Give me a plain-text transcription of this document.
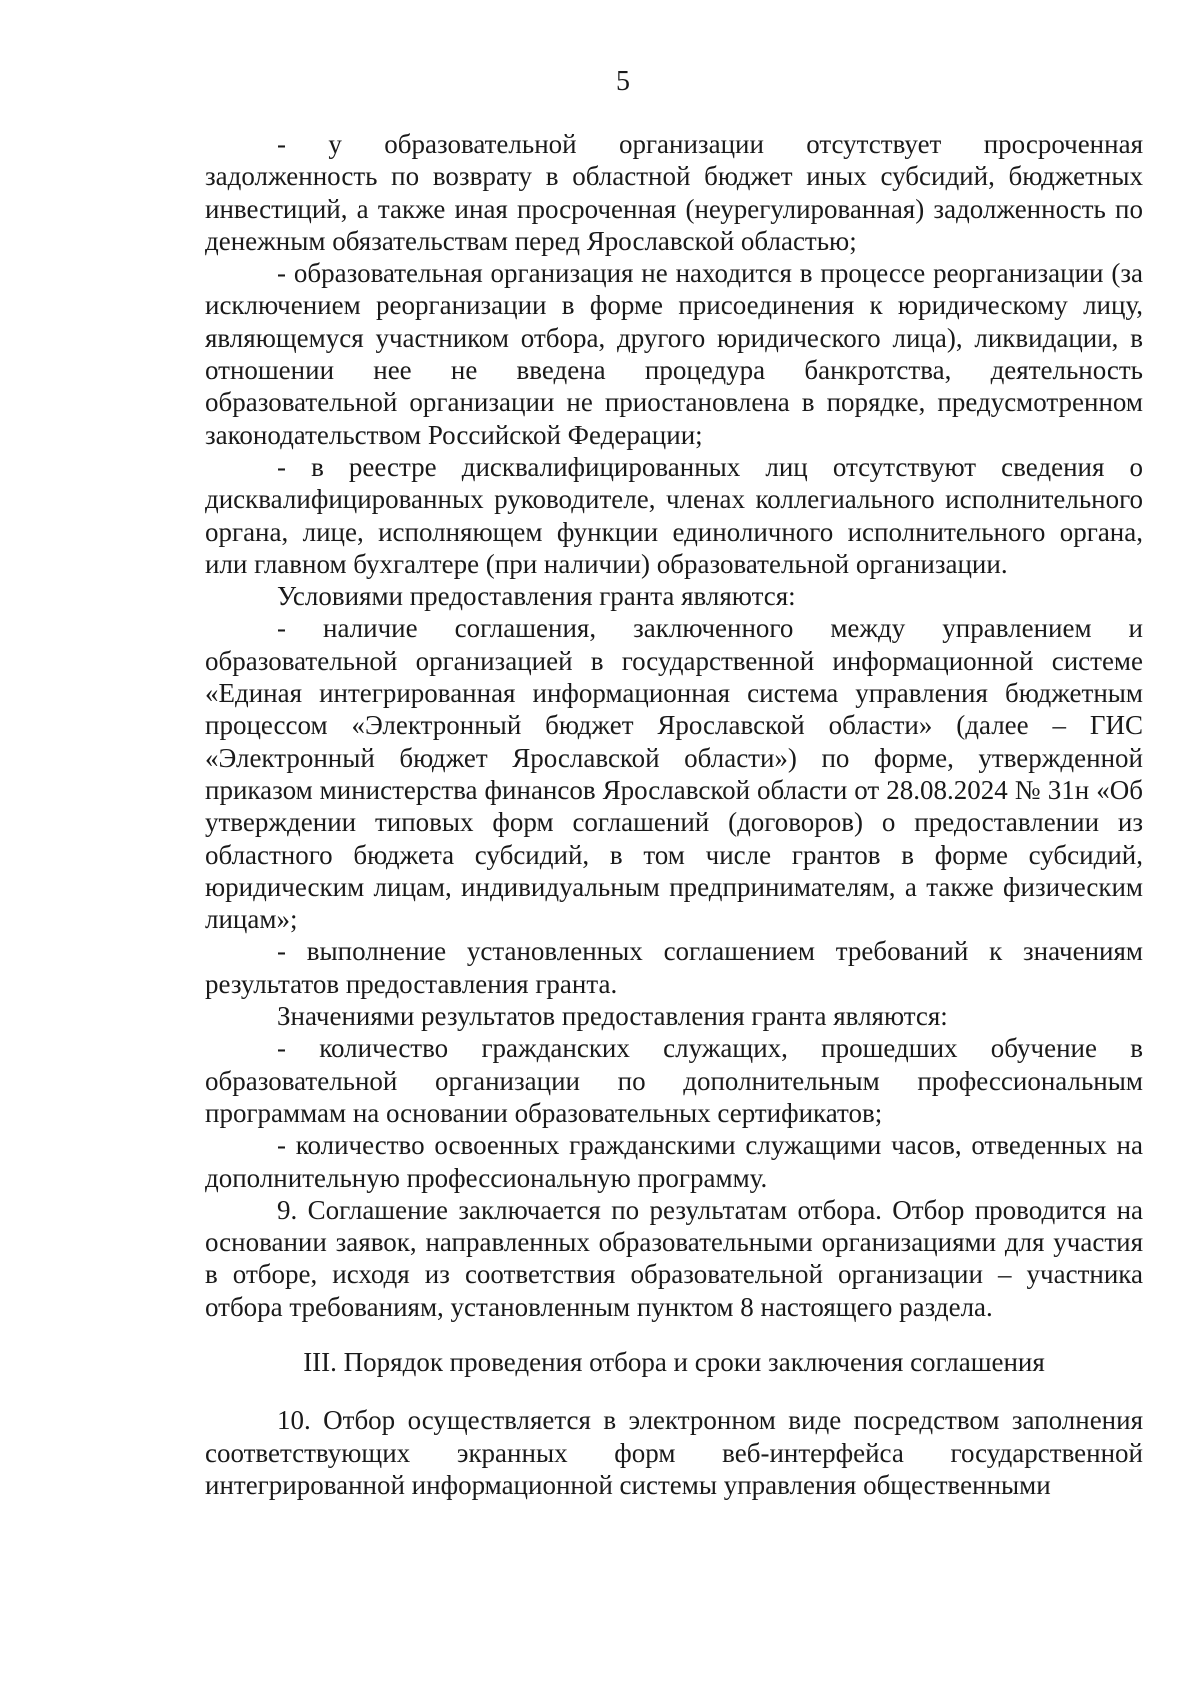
5

- у образовательной организации отсутствует просроченная задолженность по возврату в областной бюджет иных субсидий, бюджетных инвестиций, а также иная просроченная (неурегулированная) задолженность по денежным обязательствам перед Ярославской областью;

- образовательная организация не находится в процессе реорганизации (за исключением реорганизации в форме присоединения к юридическому лицу, являющемуся участником отбора, другого юридического лица), ликвидации, в отношении нее не введена процедура банкротства, деятельность образовательной организации не приостановлена в порядке, предусмотренном законодательством Российской Федерации;

- в реестре дисквалифицированных лиц отсутствуют сведения о дисквалифицированных руководителе, членах коллегиального исполнительного органа, лице, исполняющем функции единоличного исполнительного органа, или главном бухгалтере (при наличии) образовательной организации.

Условиями предоставления гранта являются:

- наличие соглашения, заключенного между управлением и образовательной организацией в государственной информационной системе «Единая интегрированная информационная система управления бюджетным процессом «Электронный бюджет Ярославской области» (далее – ГИС «Электронный бюджет Ярославской области») по форме, утвержденной приказом министерства финансов Ярославской области от 28.08.2024 № 31н «Об утверждении типовых форм соглашений (договоров) о предоставлении из областного бюджета субсидий, в том числе грантов в форме субсидий, юридическим лицам, индивидуальным предпринимателям, а также физическим лицам»;

- выполнение установленных соглашением требований к значениям результатов предоставления гранта.

Значениями результатов предоставления гранта являются:

- количество гражданских служащих, прошедших обучение в образовательной организации по дополнительным профессиональным программам на основании образовательных сертификатов;

- количество освоенных гражданскими служащими часов, отведенных на дополнительную профессиональную программу.

9. Соглашение заключается по результатам отбора. Отбор проводится на основании заявок, направленных образовательными организациями для участия в отборе, исходя из соответствия образовательной организации – участника отбора требованиям, установленным пунктом 8 настоящего раздела.

III. Порядок проведения отбора и сроки заключения соглашения

10. Отбор осуществляется в электронном виде посредством заполнения соответствующих экранных форм веб-интерфейса государственной интегрированной информационной системы управления общественными
